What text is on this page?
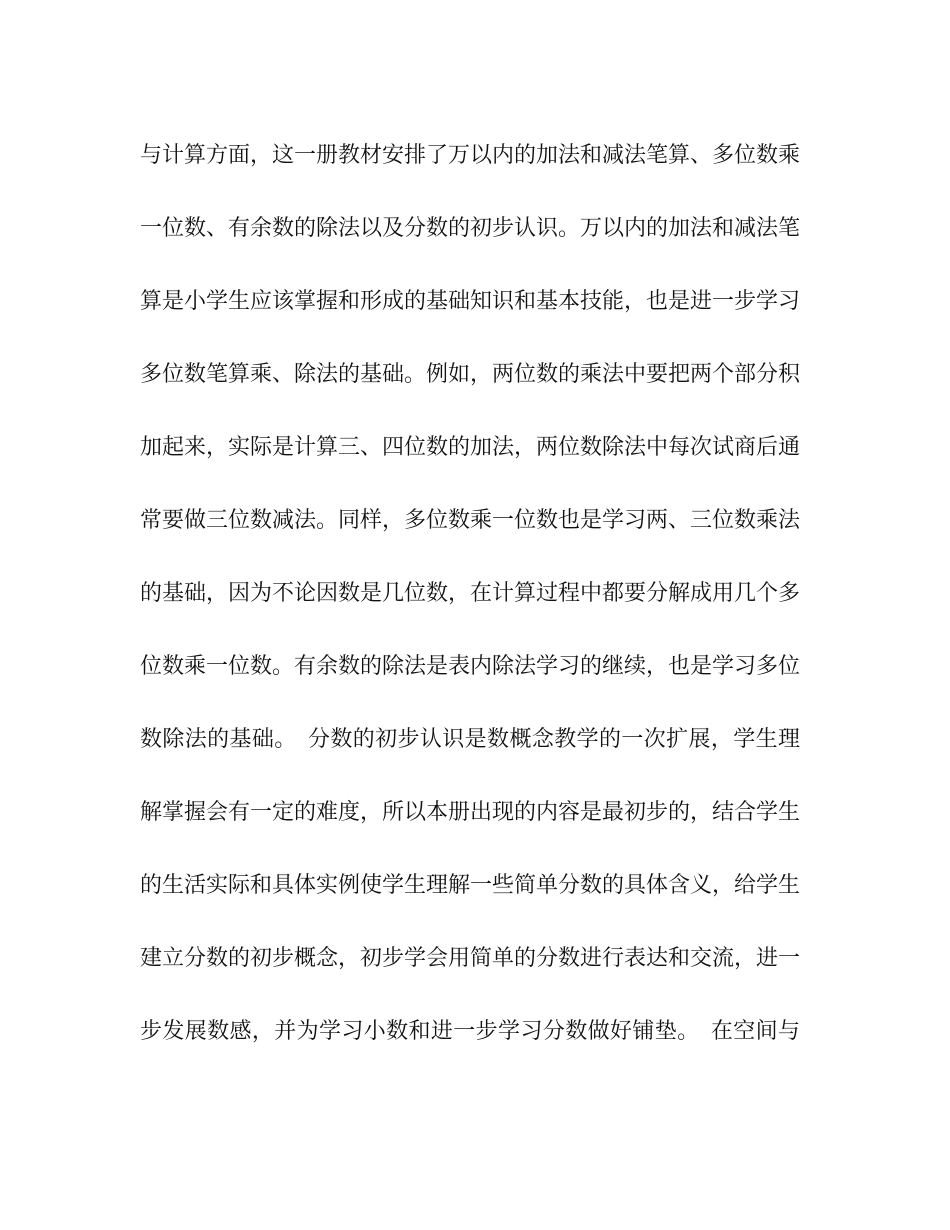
与计算方面，这一册教材安排了万以内的加法和减法笔算、多位数乘
一位数、有余数的除法以及分数的初步认识。万以内的加法和减法笔
算是小学生应该掌握和形成的基础知识和基本技能，也是进一步学习
多位数笔算乘、除法的基础。例如，两位数的乘法中要把两个部分积
加起来，实际是计算三、四位数的加法，两位数除法中每次试商后通
常要做三位数减法。同样，多位数乘一位数也是学习两、三位数乘法
的基础，因为不论因数是几位数，在计算过程中都要分解成用几个多
位数乘一位数。有余数的除法是表内除法学习的继续，也是学习多位
数除法的基础。　分数的初步认识是数概念教学的一次扩展，学生理
解掌握会有一定的难度，所以本册出现的内容是最初步的，结合学生
的生活实际和具体实例使学生理解一些简单分数的具体含义，给学生
建立分数的初步概念，初步学会用简单的分数进行表达和交流，进一
步发展数感，并为学习小数和进一步学习分数做好铺垫。　在空间与
